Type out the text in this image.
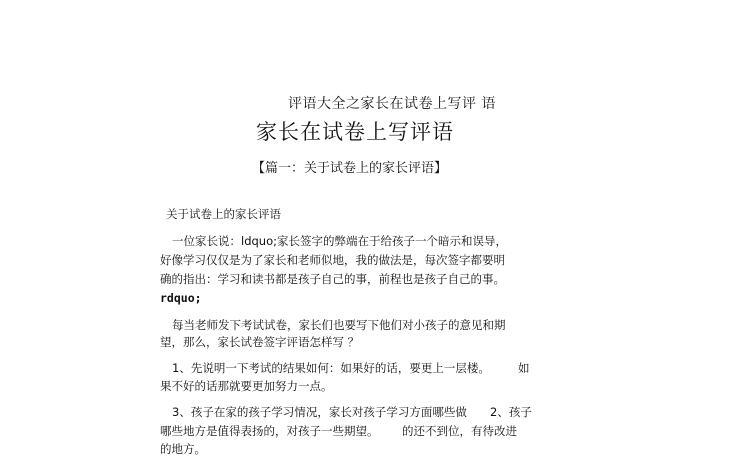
评语大全之家长在试卷上写评 语

家长在试卷上写评语

【篇一：关于试卷上的家长评语】

关于试卷上的家长评语

一位家长说：ldquo;家长签字的弊端在于给孩子一个暗示和误导，

好像学习仅仅是为了家长和老师似地，我的做法是，每次签字都要明

确的指出：学习和读书都是孩子自己的事，前程也是孩子自己的事。

rdquo;

每当老师发下考试试卷，家长们也要写下他们对小孩子的意见和期

望，那么，家长试卷签字评语怎样写 ？

1、先说明一下考试的结果如何：如果好的话，要更上一层楼。 如

果不好的话那就要更加努力一点。

3、孩子在家的孩子学习情况，家长对孩子学习方面哪些做 2、孩子

哪些地方是值得表扬的，对孩子一些期望。 的还不到位，有待改进

的地方。
